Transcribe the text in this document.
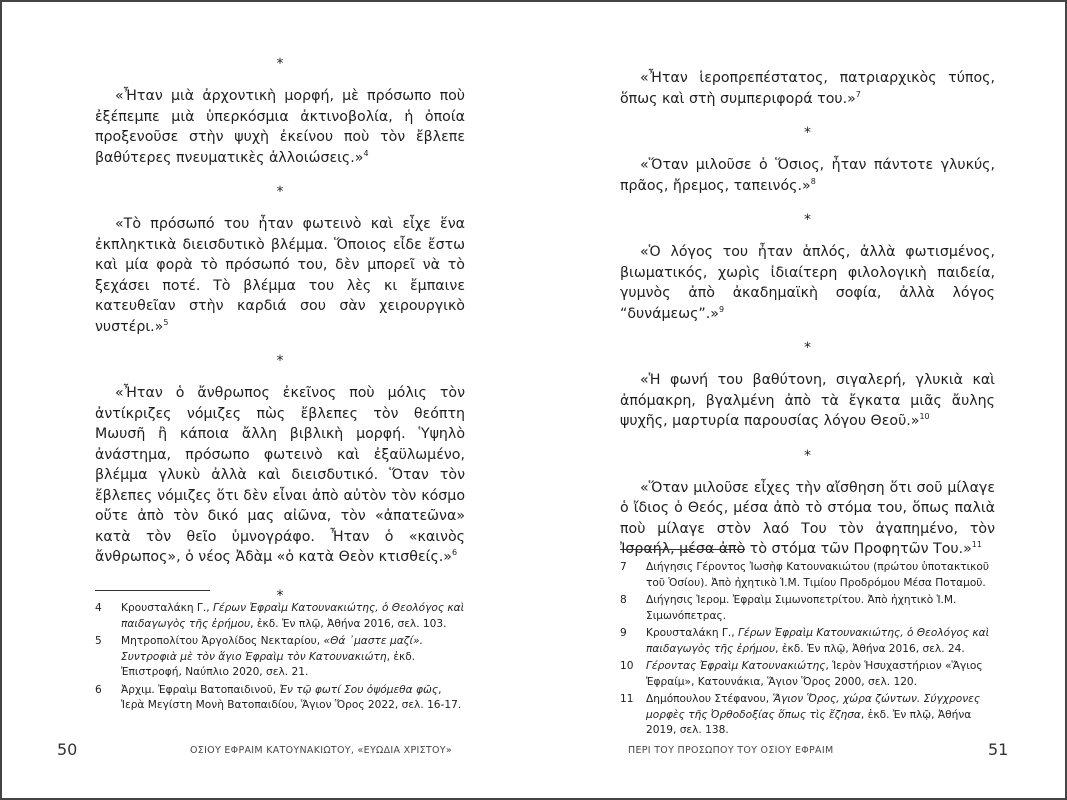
*

«Ἦταν μιὰ ἀρχοντικὴ μορφή, μὲ πρόσωπο ποὺ ἐξέπεμπε μιὰ ὑπερκόσμια ἀκτινοβολία, ἡ ὁποία προξενοῦσε στὴν ψυχὴ ἐκείνου ποὺ τὸν ἔβλεπε βαθύτερες πνευματικὲς ἀλλοιώσεις.»$^4$

*

«Τὸ πρόσωπό του ἦταν φωτεινὸ καὶ εἶχε ἕνα ἐκπληκτικὰ διεισδυτικὸ βλέμμα. Ὅποιος εἶδε ἔστω καὶ μία φορὰ τὸ πρόσωπό του, δὲν μπορεῖ νὰ τὸ ξεχάσει ποτέ. Τὸ βλέμμα του λὲς κι ἔμπαινε κατευθεῖαν στὴν καρδιά σου σὰν χειρουργικὸ νυστέρι.»$^5$

*

«Ἦταν ὁ ἄνθρωπος ἐκεῖνος ποὺ μόλις τὸν ἀντίκριζες νόμιζες πὼς ἔβλεπες τὸν θεόπτη Μωυσῆ ἢ κάποια ἄλλη βιβλικὴ μορφή. Ὑψηλὸ ἀνάστημα, πρόσωπο φωτεινὸ καὶ ἐξαϋλωμένο, βλέμμα γλυκὺ ἀλλὰ καὶ διεισδυτικό. Ὅταν τὸν ἔβλεπες νόμιζες ὅτι δὲν εἶναι ἀπὸ αὐτὸν τὸν κόσμο οὔτε ἀπὸ τὸν δικό μας αἰῶνα, τὸν «ἀπατεῶνα» κατὰ τὸν θεῖο ὑμνογράφο. Ἦταν ὁ «καινὸς ἄνθρωπος», ὁ νέος Ἀδὰμ «ὁ κατὰ Θεὸν κτισθείς.»$^6$

*
4	Κρουσταλάκη Γ., Γέρων Ἐφραὶμ Κατουνακιώτης, ὁ Θεολόγος καὶ παιδαγωγὸς τῆς ἐρήμου, ἐκδ. Ἐν πλῷ, Ἀθήνα 2016, σελ. 103.
5	Μητροπολίτου Ἀργολίδος Νεκταρίου, «Θά ᾿μαστε μαζί». Συντροφιὰ μὲ τὸν ἅγιο Ἐφραὶμ τὸν Κατουνακιώτη, ἐκδ. Ἐπιστροφή, Ναύπλιο 2020, σελ. 21.
6	Ἀρχιμ. Ἐφραὶμ Βατοπαιδινοῦ, Ἐν τῷ φωτί Σου ὀψόμεθα φῶς, Ἱερὰ Μεγίστη Μονὴ Βατοπαιδίου, Ἅγιον Ὅρος 2022, σελ. 16-17.
50	ΟΣΙΟΥ ΕΦΡΑΙΜ ΚΑΤΟΥΝΑΚΙΩΤΟΥ, «ΕΥΩΔΙΑ ΧΡΙΣΤΟΥ»

«Ἦταν ἱεροπρεπέστατος, πατριαρχικὸς τύπος, ὅπως καὶ στὴ συμπεριφορά του.»$^7$

*

«Ὅταν μιλοῦσε ὁ Ὅσιος, ἦταν πάντοτε γλυκύς, πρᾶος, ἤρεμος, ταπεινός.»$^8$

*

«Ὁ λόγος του ἦταν ἁπλός, ἀλλὰ φωτισμένος, βιωματικός, χωρὶς ἰδιαίτερη φιλολογικὴ παιδεία, γυμνὸς ἀπὸ ἀκαδημαϊκὴ σοφία, ἀλλὰ λόγος “δυνάμεως”.»$^9$

*

«Ἡ φωνή του βαθύτονη, σιγαλερή, γλυκιὰ καὶ ἀπόμακρη, βγαλμένη ἀπὸ τὰ ἔγκατα μιᾶς ἄυλης ψυχῆς, μαρτυρία παρουσίας λόγου Θεοῦ.»$^{10}$

*

«Ὅταν μιλοῦσε εἶχες τὴν αἴσθηση ὅτι σοῦ μίλαγε ὁ ἴδιος ὁ Θεός, μέσα ἀπὸ τὸ στόμα του, ὅπως παλιὰ ποὺ μίλαγε στὸν λαό Του τὸν ἀγαπημένο, τὸν Ἰσραήλ, μέσα ἀπὸ τὸ στόμα τῶν Προφητῶν Του.»$^{11}$

7	Διήγησις Γέροντος Ἰωσὴφ Κατουνακιώτου (πρώτου ὑποτακτικοῦ τοῦ Ὁσίου). Ἀπὸ ἠχητικὸ Ἱ.Μ. Τιμίου Προδρόμου Μέσα Ποταμοῦ.
8	Διήγησις Ἱερομ. Ἐφραὶμ Σιμωνοπετρίτου. Ἀπὸ ἠχητικὸ Ἱ.Μ. Σιμωνόπετρας.
9	Κρουσταλάκη Γ., Γέρων Ἐφραὶμ Κατουνακιώτης, ὁ Θεολόγος καὶ παιδαγωγὸς τῆς ἐρήμου, ἐκδ. Ἐν πλῷ, Ἀθήνα 2016, σελ. 24.
10	Γέροντας Ἐφραὶμ Κατουνακιώτης, Ἱερὸν Ἡσυχαστήριον «Ἅγιος Ἐφραίμ», Κατουνάκια, Ἅγιον Ὅρος 2000, σελ. 120.
11	Δημόπουλου Στέφανου, Ἅγιον Ὅρος, χώρα ζώντων. Σύγχρονες μορφὲς τῆς Ὀρθοδοξίας ὅπως τὶς ἔζησα, ἐκδ. Ἐν πλῷ, Ἀθήνα 2019, σελ. 138.
ΠΕΡΙ ΤΟΥ ΠΡΟΣΩΠΟΥ ΤΟΥ ΟΣΙΟΥ ΕΦΡΑΙΜ	51
